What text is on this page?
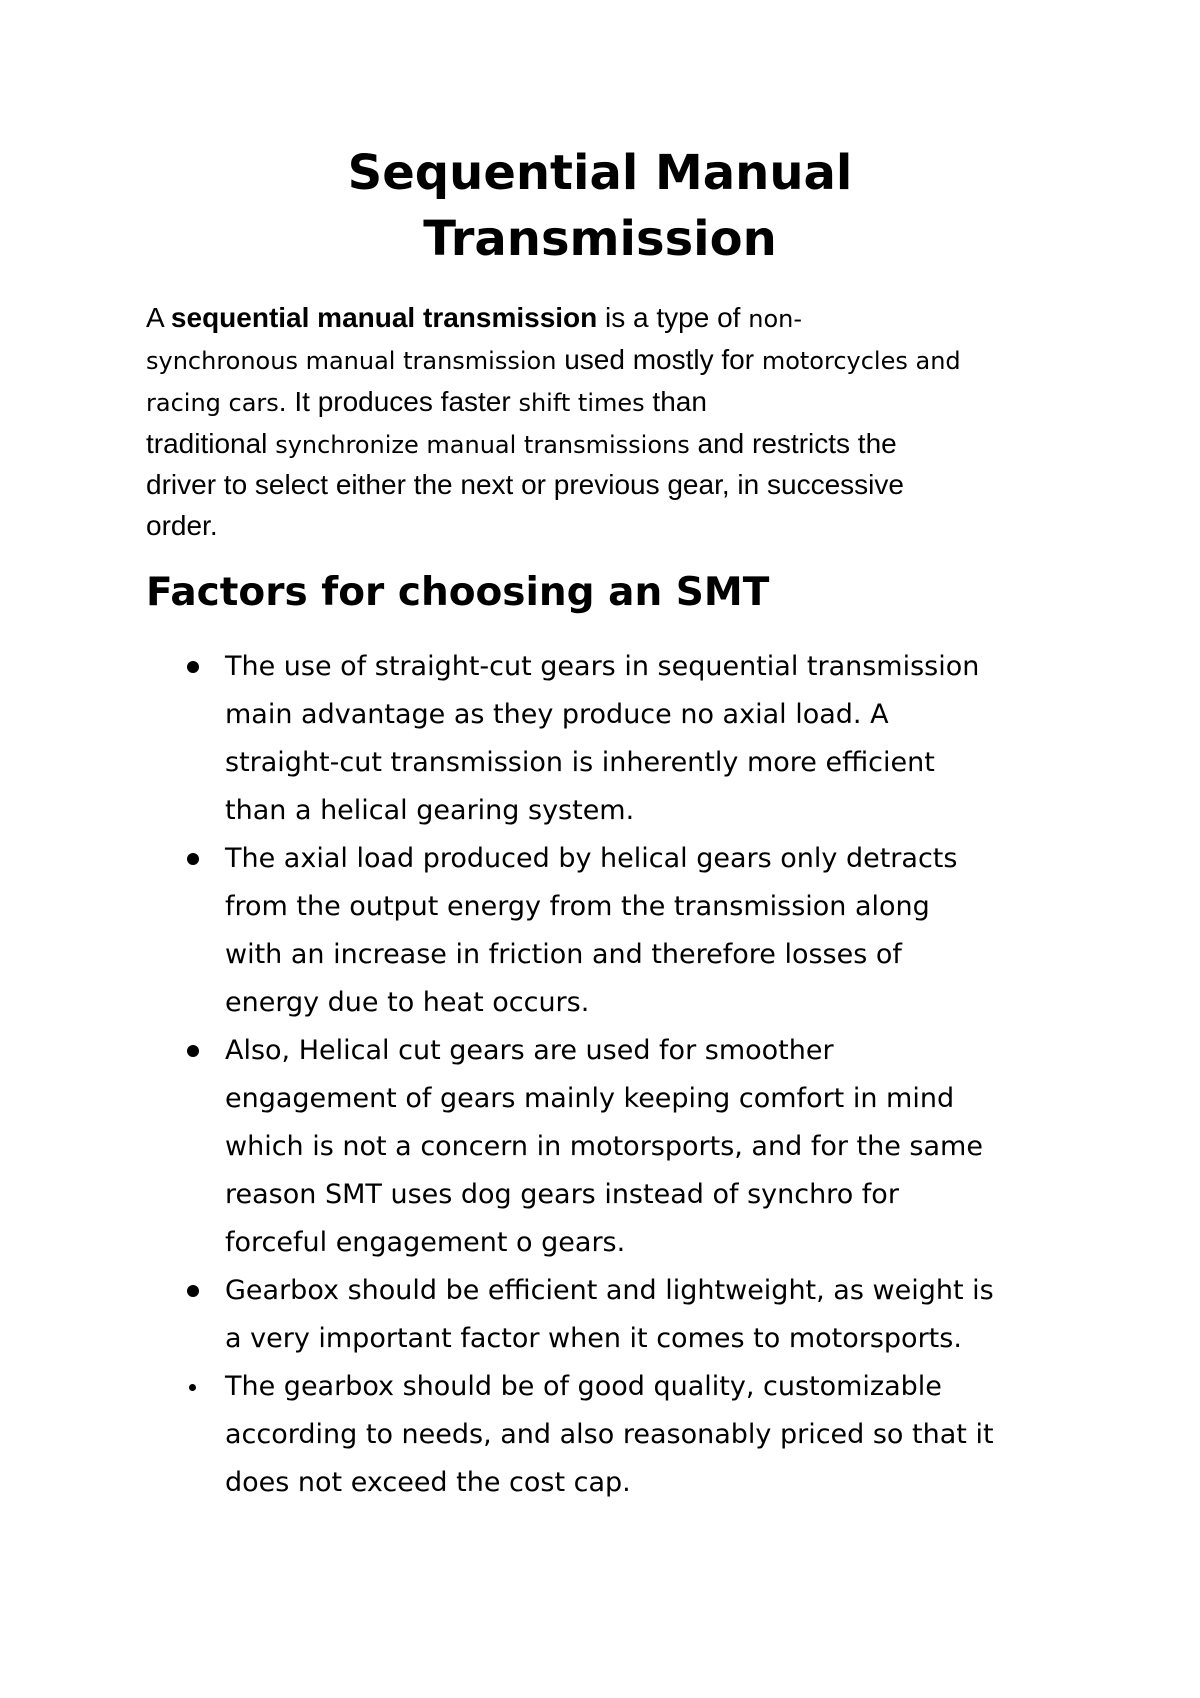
Sequential Manual
Transmission

A sequential manual transmission is a type of non-

synchronous manual transmission used mostly for motorcycles and

racing cars. It produces faster shift times than

traditional synchronize manual transmissions and restricts the

driver to select either the next or previous gear, in successive

order.

Factors for choosing an SMT

The use of straight-cut gears in sequential transmission

main advantage as they produce no axial load. A

straight-cut transmission is inherently more efficient

than a helical gearing system.

The axial load produced by helical gears only detracts

from the output energy from the transmission along

with an increase in friction and therefore losses of

energy due to heat occurs.

Also, Helical cut gears are used for smoother

engagement of gears mainly keeping comfort in mind

which is not a concern in motorsports, and for the same

reason SMT uses dog gears instead of synchro for

forceful engagement o gears.

Gearbox should be efficient and lightweight, as weight is

a very important factor when it comes to motorsports.

The gearbox should be of good quality, customizable

according to needs, and also reasonably priced so that it

does not exceed the cost cap.
